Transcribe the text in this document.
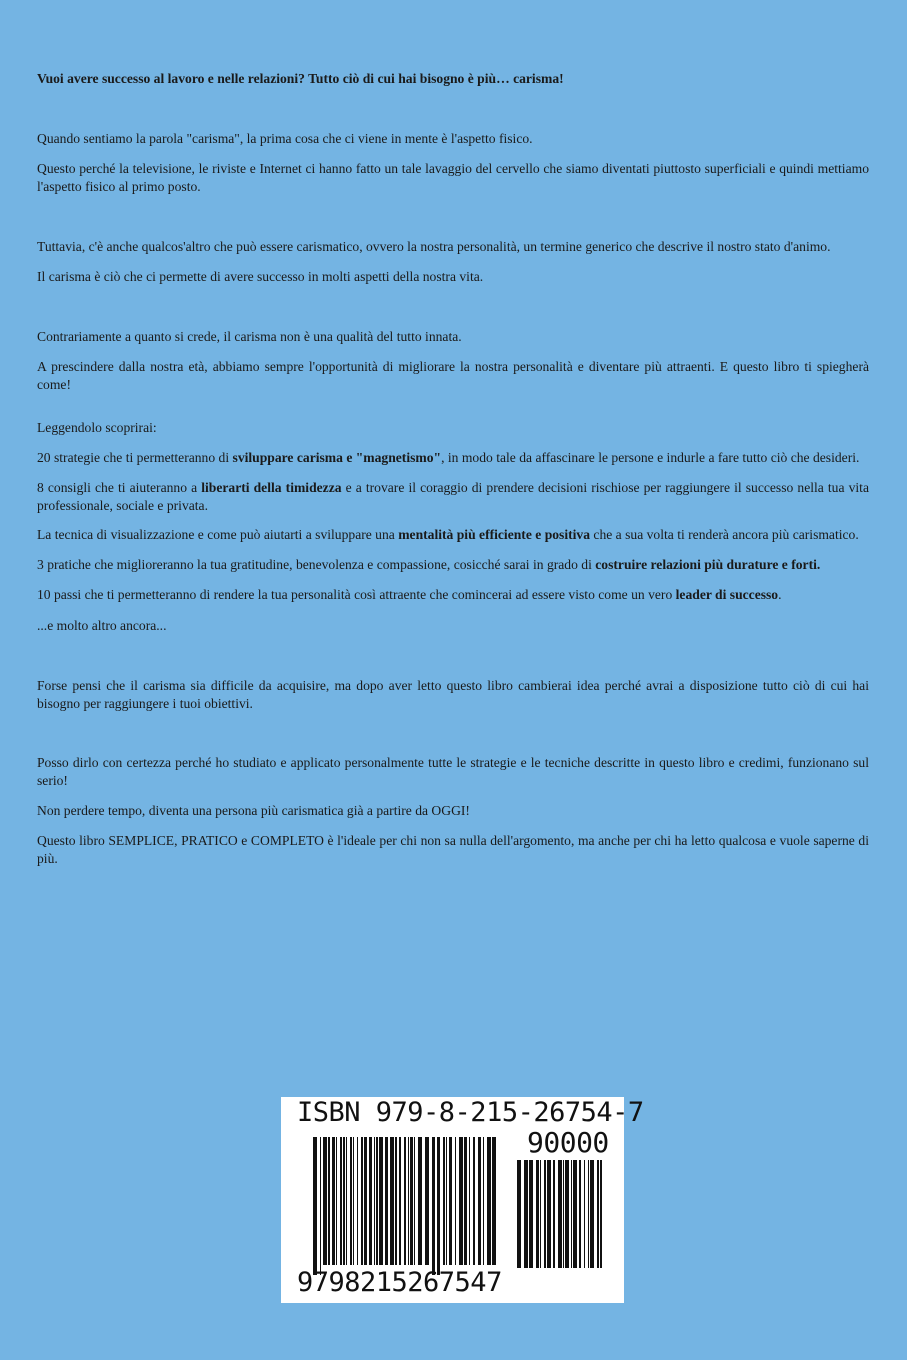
Vuoi avere successo al lavoro e nelle relazioni? Tutto ciò di cui hai bisogno è più… carisma!

Quando sentiamo la parola "carisma", la prima cosa che ci viene in mente è l'aspetto fisico.

Questo perché la televisione, le riviste e Internet ci hanno fatto un tale lavaggio del cervello che siamo diventati piuttosto superficiali e quindi mettiamo l'aspetto fisico al primo posto.

Tuttavia, c'è anche qualcos'altro che può essere carismatico, ovvero la nostra personalità, un termine generico che descrive il nostro stato d'animo.

Il carisma è ciò che ci permette di avere successo in molti aspetti della nostra vita.

Contrariamente a quanto si crede, il carisma non è una qualità del tutto innata.

A prescindere dalla nostra età, abbiamo sempre l'opportunità di migliorare la nostra personalità e diventare più attraenti. E questo libro ti spiegherà come!

Leggendolo scoprirai:

20 strategie che ti permetteranno di sviluppare carisma e "magnetismo", in modo tale da affascinare le persone e indurle a fare tutto ciò che desideri.

8 consigli che ti aiuteranno a liberarti della timidezza e a trovare il coraggio di prendere decisioni rischiose per raggiungere il successo nella tua vita professionale, sociale e privata.

La tecnica di visualizzazione e come può aiutarti a sviluppare una mentalità più efficiente e positiva che a sua volta ti renderà ancora più carismatico.

3 pratiche che miglioreranno la tua gratitudine, benevolenza e compassione, cosicché sarai in grado di costruire relazioni più durature e forti.

10 passi che ti permetteranno di rendere la tua personalità così attraente che comincerai ad essere visto come un vero leader di successo.

...e molto altro ancora...

Forse pensi che il carisma sia difficile da acquisire, ma dopo aver letto questo libro cambierai idea perché avrai a disposizione tutto ciò di cui hai bisogno per raggiungere i tuoi obiettivi.

Posso dirlo con certezza perché ho studiato e applicato personalmente tutte le strategie e le tecniche descritte in questo libro e credimi, funzionano sul serio!

Non perdere tempo, diventa una persona più carismatica già a partire da OGGI!

Questo libro SEMPLICE, PRATICO e COMPLETO è l'ideale per chi non sa nulla dell'argomento, ma anche per chi ha letto qualcosa e vuole saperne di più.

ISBN 979-8-215-26754-7
90000
9798215267547
